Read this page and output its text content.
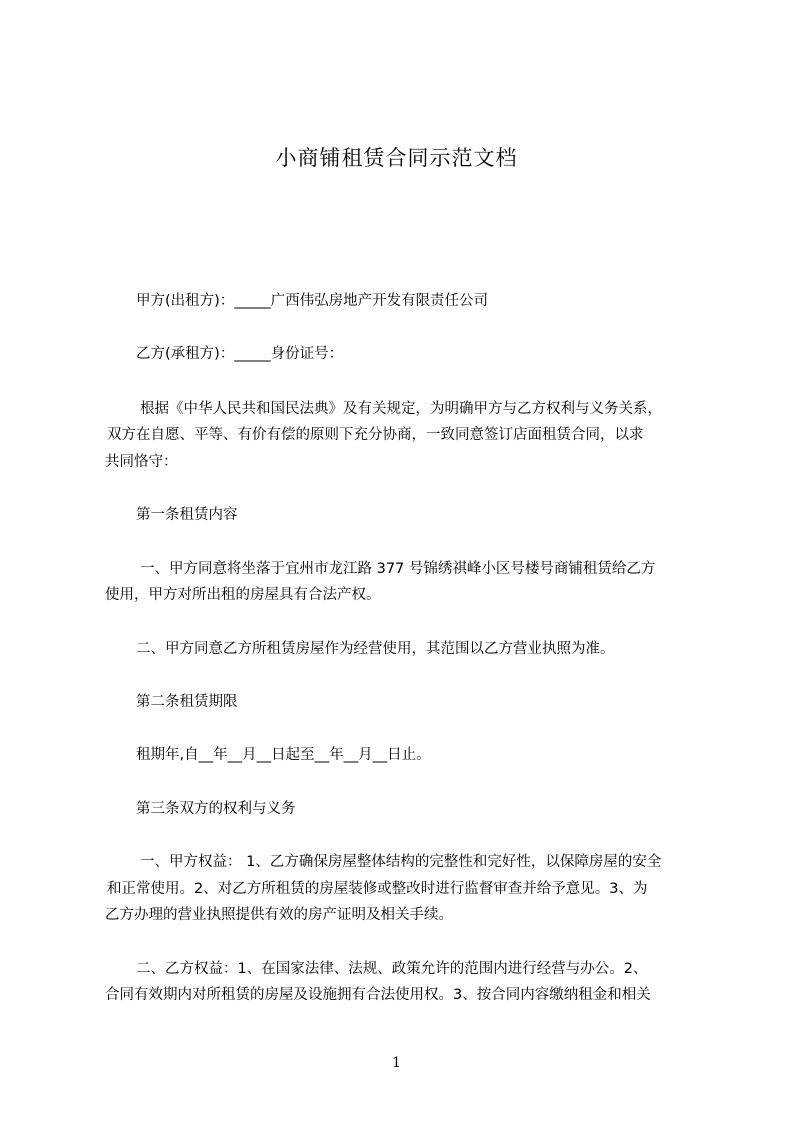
小商铺租赁合同示范文档
甲方(出租方)：_____广西伟弘房地产开发有限责任公司
乙方(承租方)：_____身份证号：
根据《中华人民共和国民法典》及有关规定，为明确甲方与乙方权利与义务关系，
双方在自愿、平等、有价有偿的原则下充分协商，一致同意签订店面租赁合同，以求
共同恪守：
第一条租赁内容
一、甲方同意将坐落于宜州市龙江路 377 号锦绣祺峰小区号楼号商铺租赁给乙方
使用，甲方对所出租的房屋具有合法产权。
二、甲方同意乙方所租赁房屋作为经营使用，其范围以乙方营业执照为准。
第二条租赁期限
租期年,自__年__月__日起至__年__月__日止。
第三条双方的权利与义务
一、甲方权益： 1、乙方确保房屋整体结构的完整性和完好性，以保障房屋的安全
和正常使用。2、对乙方所租赁的房屋装修或整改时进行监督审查并给予意见。3、为
乙方办理的营业执照提供有效的房产证明及相关手续。
二、乙方权益：1、在国家法律、法规、政策允许的范围内进行经营与办公。2、
合同有效期内对所租赁的房屋及设施拥有合法使用权。3、按合同内容缴纳租金和相关
1
